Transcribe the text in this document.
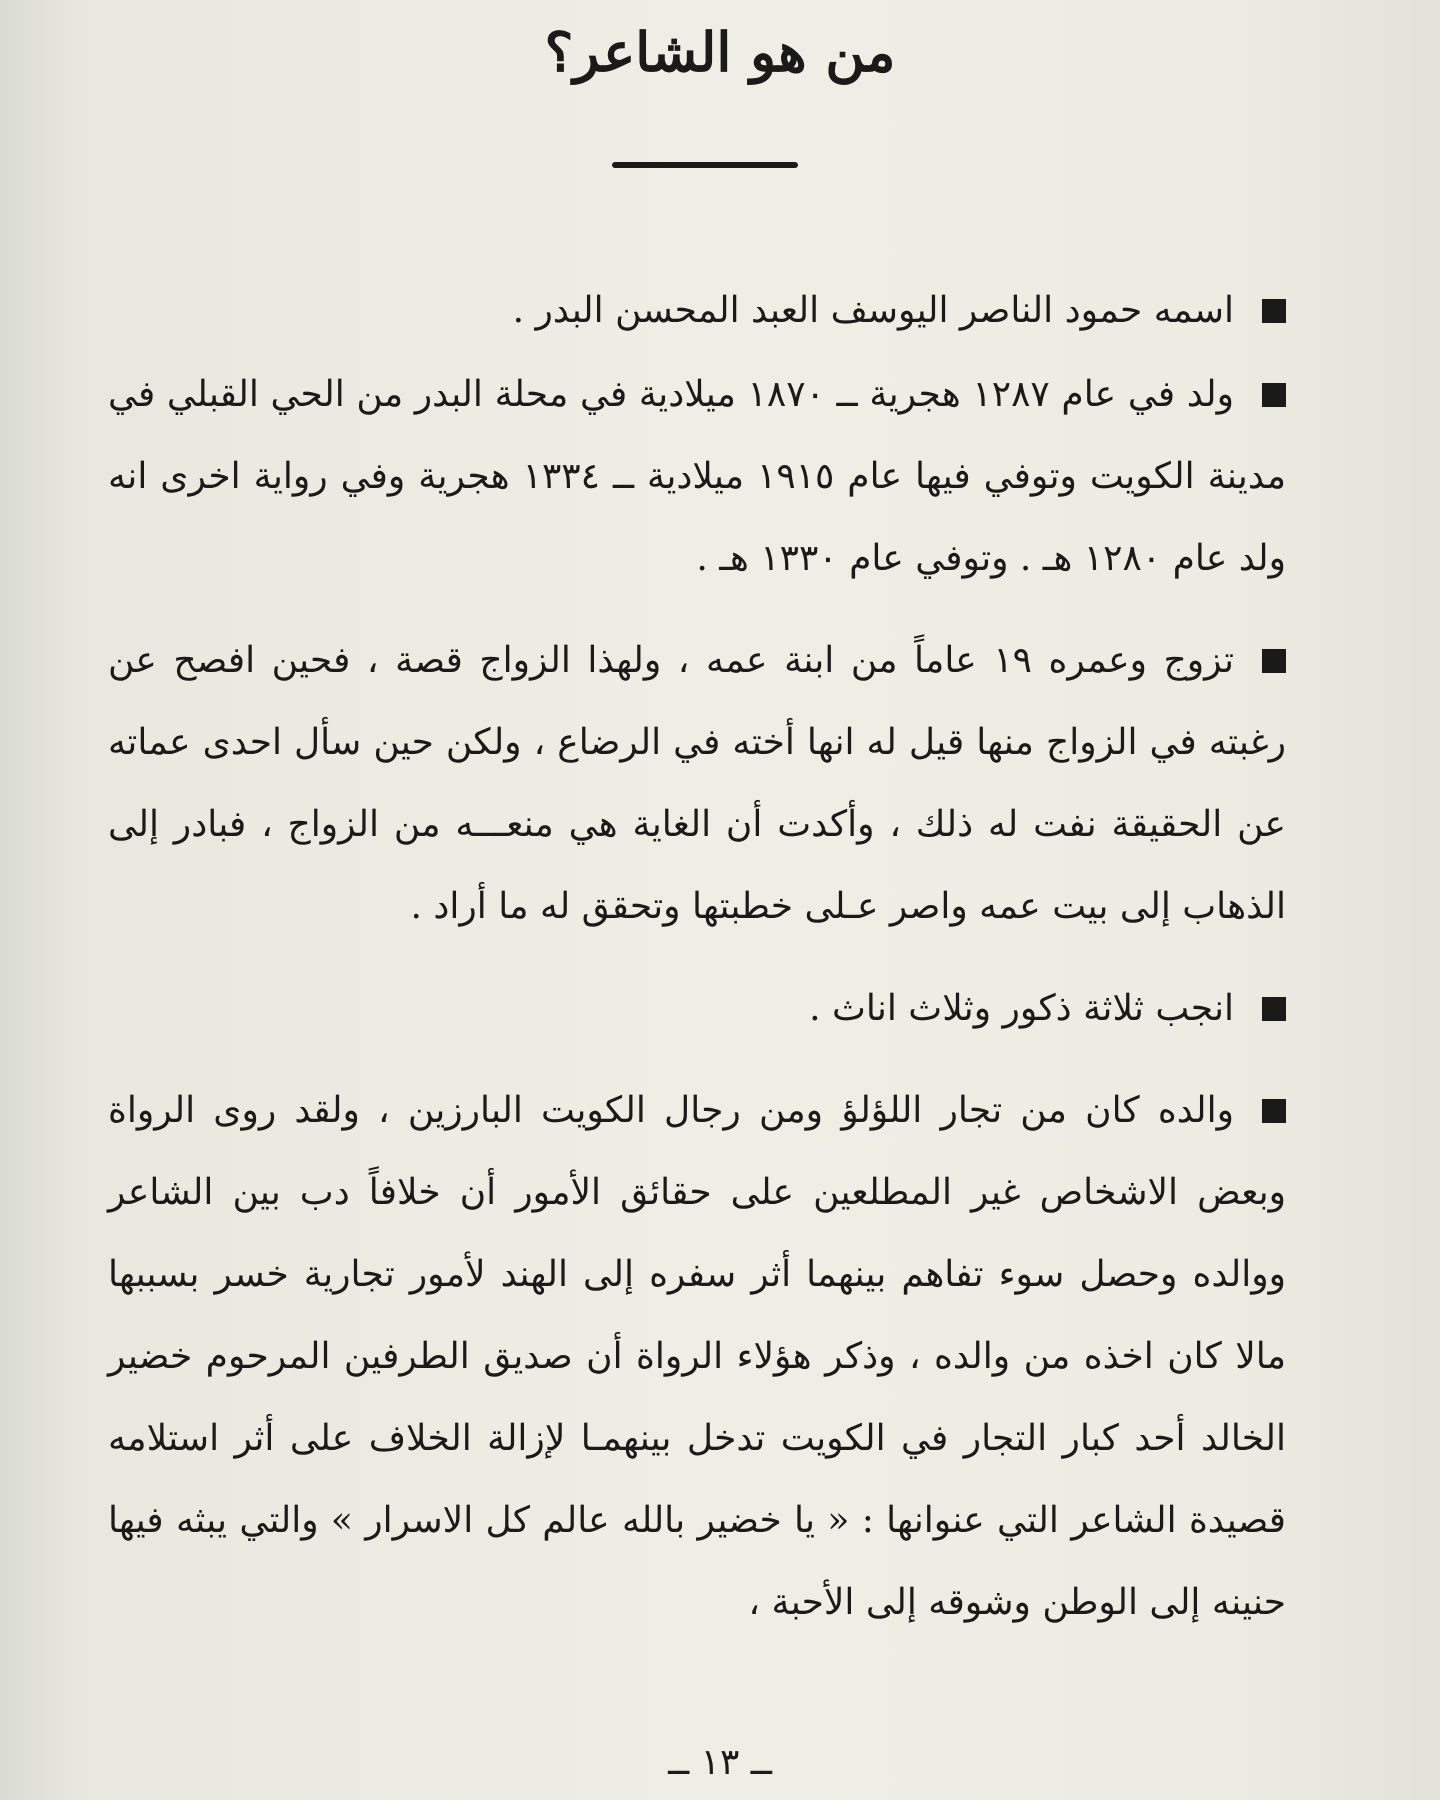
من هو الشاعر؟

اسمه حمود الناصر اليوسف العبد المحسن البدر .

ولد في عام ١٢٨٧ هجرية ــ ١٨٧٠ ميلادية في محلة البدر من الحي القبلي في مدينة الكويت وتوفي فيها عام ١٩١٥ ميلادية ــ ١٣٣٤ هجرية وفي رواية اخرى انه ولد عام ١٢٨٠ هـ . وتوفي عام ١٣٣٠ هـ .

تزوج وعمره ١٩ عاماً من ابنة عمه ، ولهذا الزواج قصة ، فحين افصح عن رغبته في الزواج منها قيل له انها أخته في الرضاع ، ولكن حين سأل احدى عماته عن الحقيقة نفت له ذلك ، وأكدت أن الغاية هي منعـــه من الزواج ، فبادر إلى الذهاب إلى بيت عمه واصر عـلى خطبتها وتحقق له ما أراد .

انجب ثلاثة ذكور وثلاث اناث .

والده كان من تجار اللؤلؤ ومن رجال الكويت البارزين ، ولقد روى الرواة وبعض الاشخاص غير المطلعين على حقائق الأمور أن خلافاً دب بين الشاعر ووالده وحصل سوء تفاهم بينهما أثر سفره إلى الهند لأمور تجارية خسر بسببها مالا كان اخذه من والده ، وذكر هؤلاء الرواة أن صديق الطرفين المرحوم خضير الخالد أحد كبار التجار في الكويت تدخل بينهمـا لإزالة الخلاف على أثر استلامه قصيدة الشاعر التي عنوانها : « يا خضير بالله عالم كل الاسرار » والتي يبثه فيها حنينه إلى الوطن وشوقه إلى الأحبة ،

ــ ١٣ ــ
